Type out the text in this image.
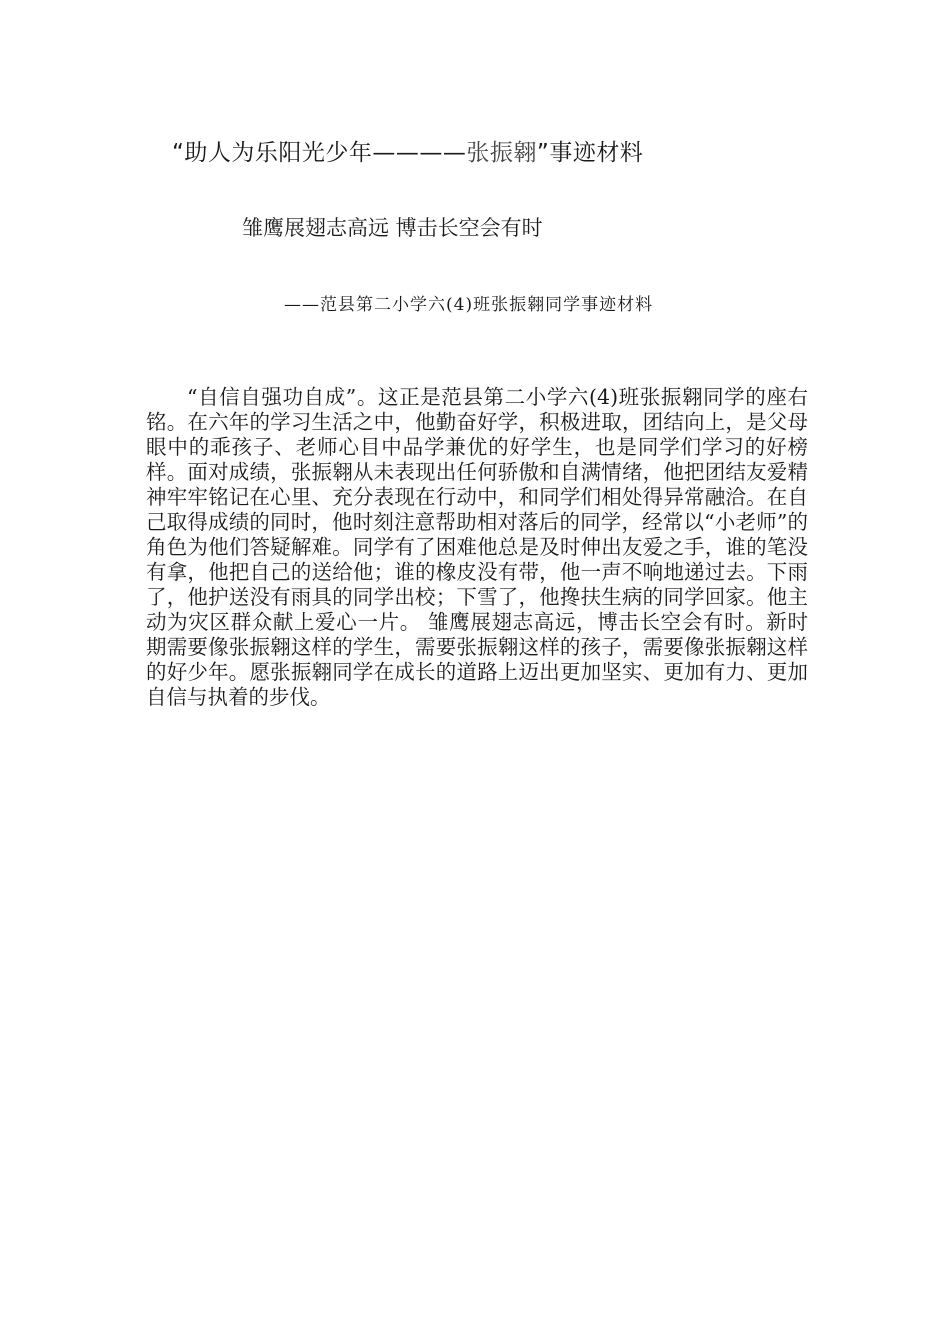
“助人为乐阳光少年————张振翱”事迹材料
雏鹰展翅志高远 博击长空会有时
——范县第二小学六(4)班张振翱同学事迹材料

“自信自强功自成”。这正是范县第二小学六(4)班张振翱同学的座右铭。在六年的学习生活之中，他勤奋好学，积极进取，团结向上，是父母眼中的乖孩子、老师心目中品学兼优的好学生，也是同学们学习的好榜样。面对成绩，张振翱从未表现出任何骄傲和自满情绪，他把团结友爱精神牢牢铭记在心里、充分表现在行动中，和同学们相处得异常融洽。在自己取得成绩的同时，他时刻注意帮助相对落后的同学，经常以“小老师”的角色为他们答疑解难。同学有了困难他总是及时伸出友爱之手，谁的笔没有拿，他把自己的送给他；谁的橡皮没有带，他一声不响地递过去。下雨了，他护送没有雨具的同学出校；下雪了，他搀扶生病的同学回家。他主动为灾区群众献上爱心一片。 雏鹰展翅志高远，博击长空会有时。新时期需要像张振翱这样的学生，需要张振翱这样的孩子，需要像张振翱这样的好少年。愿张振翱同学在成长的道路上迈出更加坚实、更加有力、更加自信与执着的步伐。
